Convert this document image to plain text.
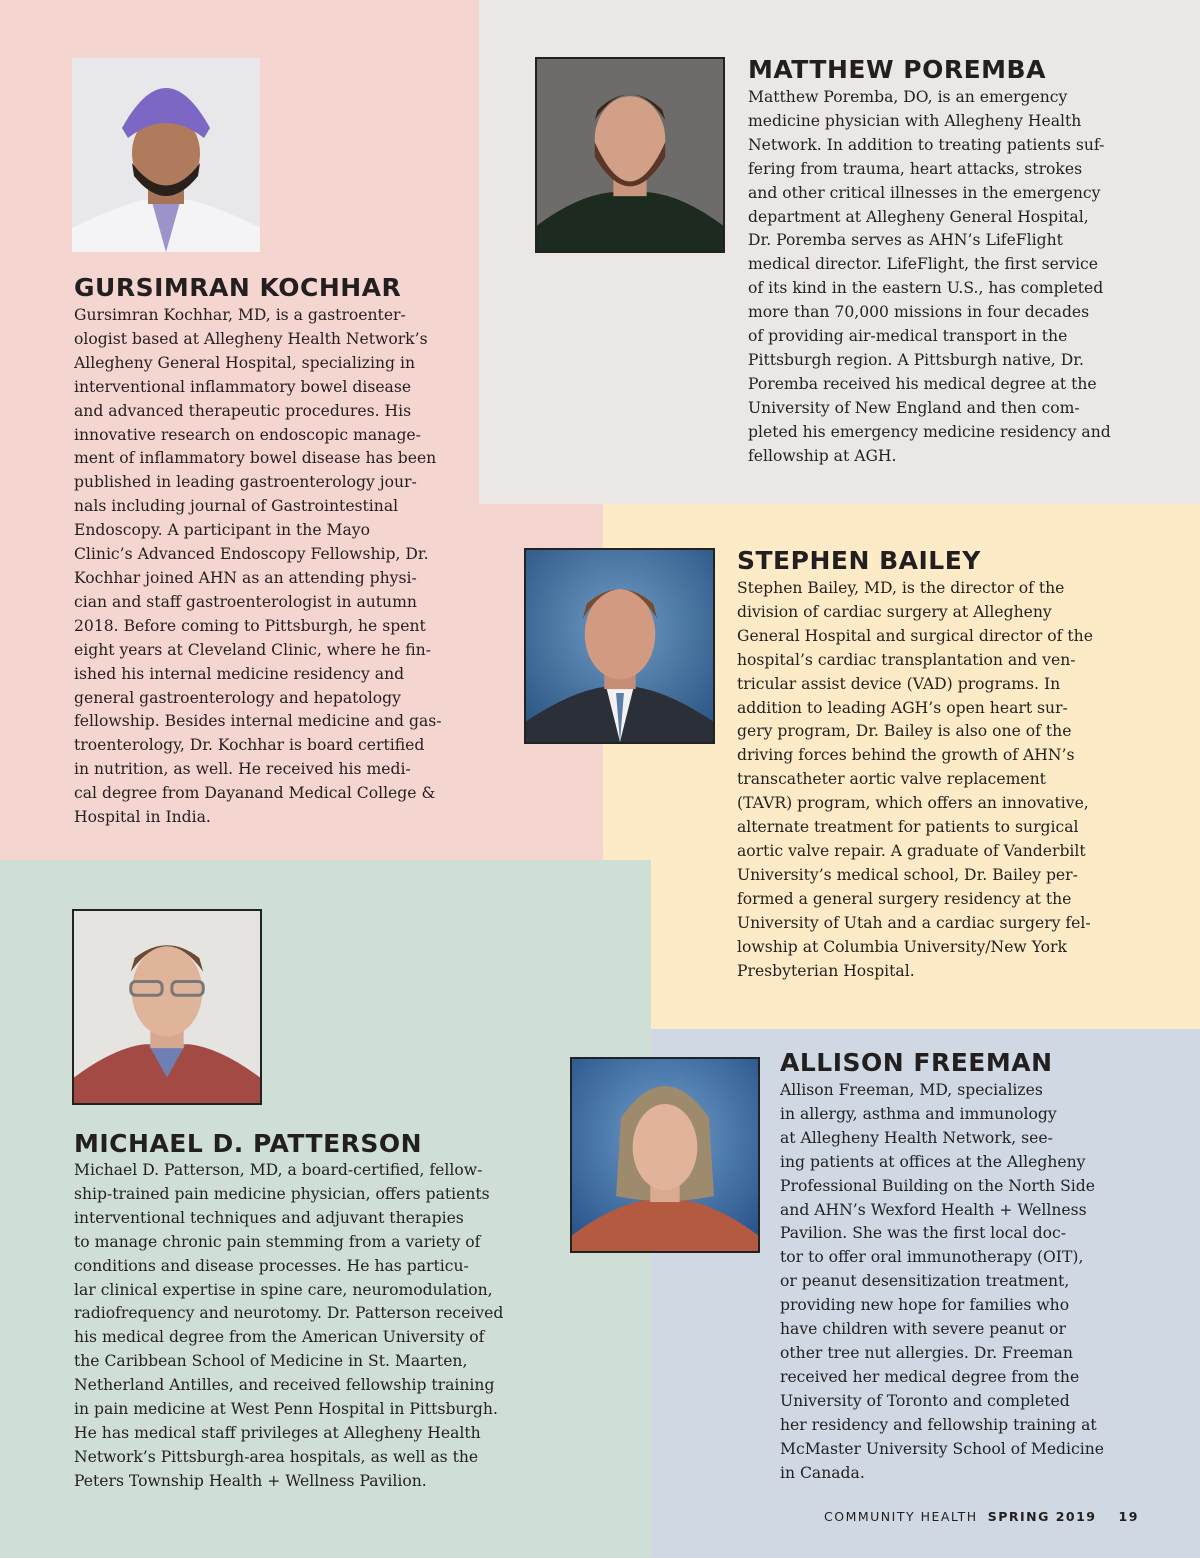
GURSIMRAN KOCHHAR
Gursimran Kochhar, MD, is a gastroenter-
ologist based at Allegheny Health Network’s
Allegheny General Hospital, specializing in
interventional inflammatory bowel disease
and advanced therapeutic procedures. His
innovative research on endoscopic manage-
ment of inflammatory bowel disease has been
published in leading gastroenterology jour-
nals including journal of Gastrointestinal
Endoscopy. A participant in the Mayo
Clinic’s Advanced Endoscopy Fellowship, Dr.
Kochhar joined AHN as an attending physi-
cian and staff gastroenterologist in autumn
2018. Before coming to Pittsburgh, he spent
eight years at Cleveland Clinic, where he fin-
ished his internal medicine residency and
general gastroenterology and hepatology
fellowship. Besides internal medicine and gas-
troenterology, Dr. Kochhar is board certified
in nutrition, as well. He received his medi-
cal degree from Dayanand Medical College &
Hospital in India.
MATTHEW POREMBA
Matthew Poremba, DO, is an emergency
medicine physician with Allegheny Health
Network. In addition to treating patients suf-
fering from trauma, heart attacks, strokes
and other critical illnesses in the emergency
department at Allegheny General Hospital,
Dr. Poremba serves as AHN’s LifeFlight
medical director. LifeFlight, the first service
of its kind in the eastern U.S., has completed
more than 70,000 missions in four decades
of providing air-medical transport in the
Pittsburgh region. A Pittsburgh native, Dr.
Poremba received his medical degree at the
University of New England and then com-
pleted his emergency medicine residency and
fellowship at AGH.
STEPHEN BAILEY
Stephen Bailey, MD, is the director of the
division of cardiac surgery at Allegheny
General Hospital and surgical director of the
hospital’s cardiac transplantation and ven-
tricular assist device (VAD) programs. In
addition to leading AGH’s open heart sur-
gery program, Dr. Bailey is also one of the
driving forces behind the growth of AHN’s
transcatheter aortic valve replacement
(TAVR) program, which offers an innovative,
alternate treatment for patients to surgical
aortic valve repair. A graduate of Vanderbilt
University’s medical school, Dr. Bailey per-
formed a general surgery residency at the
University of Utah and a cardiac surgery fel-
lowship at Columbia University/New York
Presbyterian Hospital.
MICHAEL D. PATTERSON
Michael D. Patterson, MD, a board-certified, fellow-
ship-trained pain medicine physician, offers patients
interventional techniques and adjuvant therapies
to manage chronic pain stemming from a variety of
conditions and disease processes. He has particu-
lar clinical expertise in spine care, neuromodulation,
radiofrequency and neurotomy. Dr. Patterson received
his medical degree from the American University of
the Caribbean School of Medicine in St. Maarten,
Netherland Antilles, and received fellowship training
in pain medicine at West Penn Hospital in Pittsburgh.
He has medical staff privileges at Allegheny Health
Network’s Pittsburgh-area hospitals, as well as the
Peters Township Health + Wellness Pavilion.
ALLISON FREEMAN
Allison Freeman, MD, specializes
in allergy, asthma and immunology
at Allegheny Health Network, see-
ing patients at offices at the Allegheny
Professional Building on the North Side
and AHN’s Wexford Health + Wellness
Pavilion. She was the first local doc-
tor to offer oral immunotherapy (OIT),
or peanut desensitization treatment,
providing new hope for families who
have children with severe peanut or
other tree nut allergies. Dr. Freeman
received her medical degree from the
University of Toronto and completed
her residency and fellowship training at
McMaster University School of Medicine
in Canada.
COMMUNITY HEALTH SPRING 2019 19
